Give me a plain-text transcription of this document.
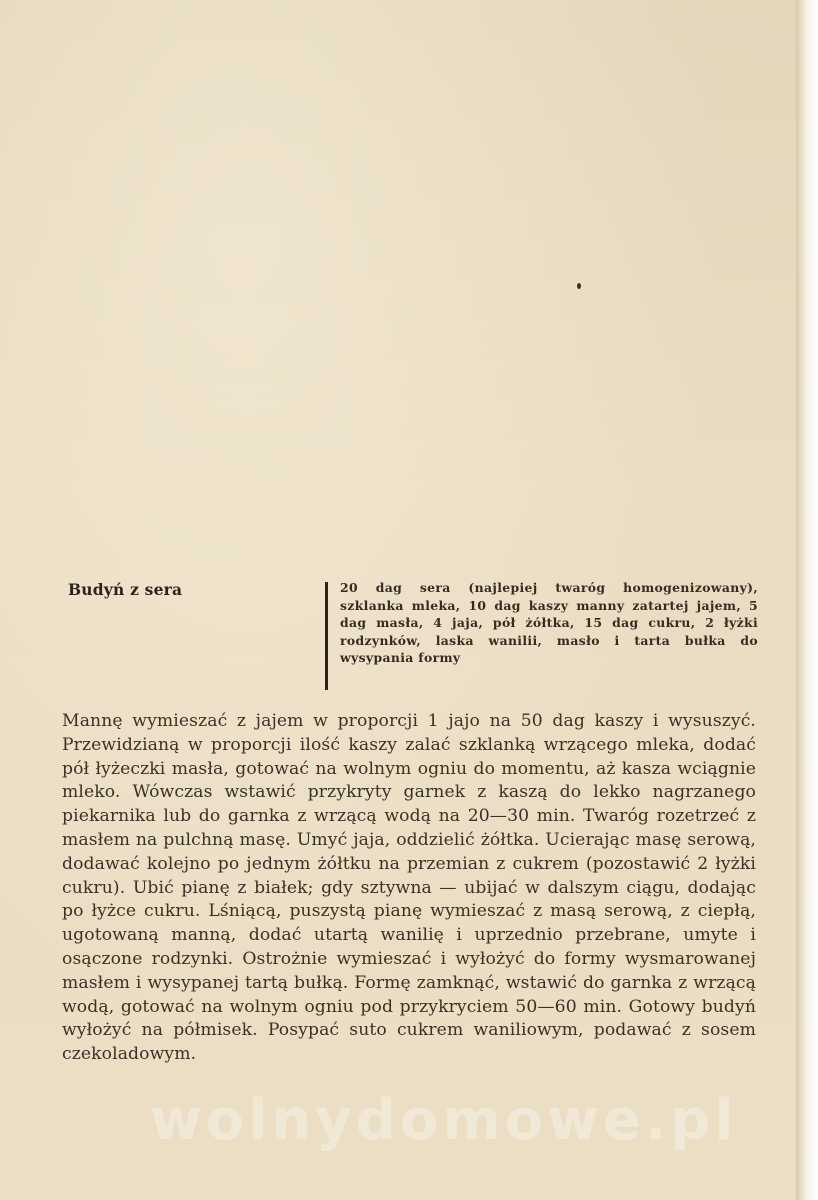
Budyń z sera	20 dag sera (najlepiej twaróg homogenizowany), szklanka mleka, 10 dag kaszy manny zatartej jajem, 5 dag masła, 4 jaja, pół żółtka, 15 dag cukru, 2 łyżki rodzynków, laska wanilii, masło i tarta bułka do wysypania formy
Mannę wymieszać z jajem w proporcji 1 jajo na 50 dag kaszy i wysuszyć. Przewidzianą w proporcji ilość kaszy zalać szklanką wrzącego mleka, dodać pół łyżeczki masła, gotować na wolnym ogniu do momentu, aż kasza wciągnie mleko. Wówczas wstawić przykryty garnek z kaszą do lekko nagrzanego piekarnika lub do garnka z wrzącą wodą na 20—30 min. Twaróg rozetrzeć z masłem na pulchną masę. Umyć jaja, oddzielić żółtka. Ucierając masę serową, dodawać kolejno po jednym żółtku na przemian z cukrem (pozostawić 2 łyżki cukru). Ubić pianę z białek; gdy sztywna — ubijać w dalszym ciągu, dodając po łyżce cukru. Lśniącą, puszystą pianę wymieszać z masą serową, z ciepłą, ugotowaną manną, dodać utartą wanilię i uprzednio przebrane, umyte i osączone rodzynki. Ostrożnie wymieszać i wyłożyć do formy wysmarowanej masłem i wysypanej tartą bułką. Formę zamknąć, wstawić do garnka z wrzącą wodą, gotować na wolnym ogniu pod przykryciem 50—60 min. Gotowy budyń wyłożyć na półmisek. Posypać suto cukrem waniliowym, podawać z sosem czekoladowym.
wolnydomowe.pl
